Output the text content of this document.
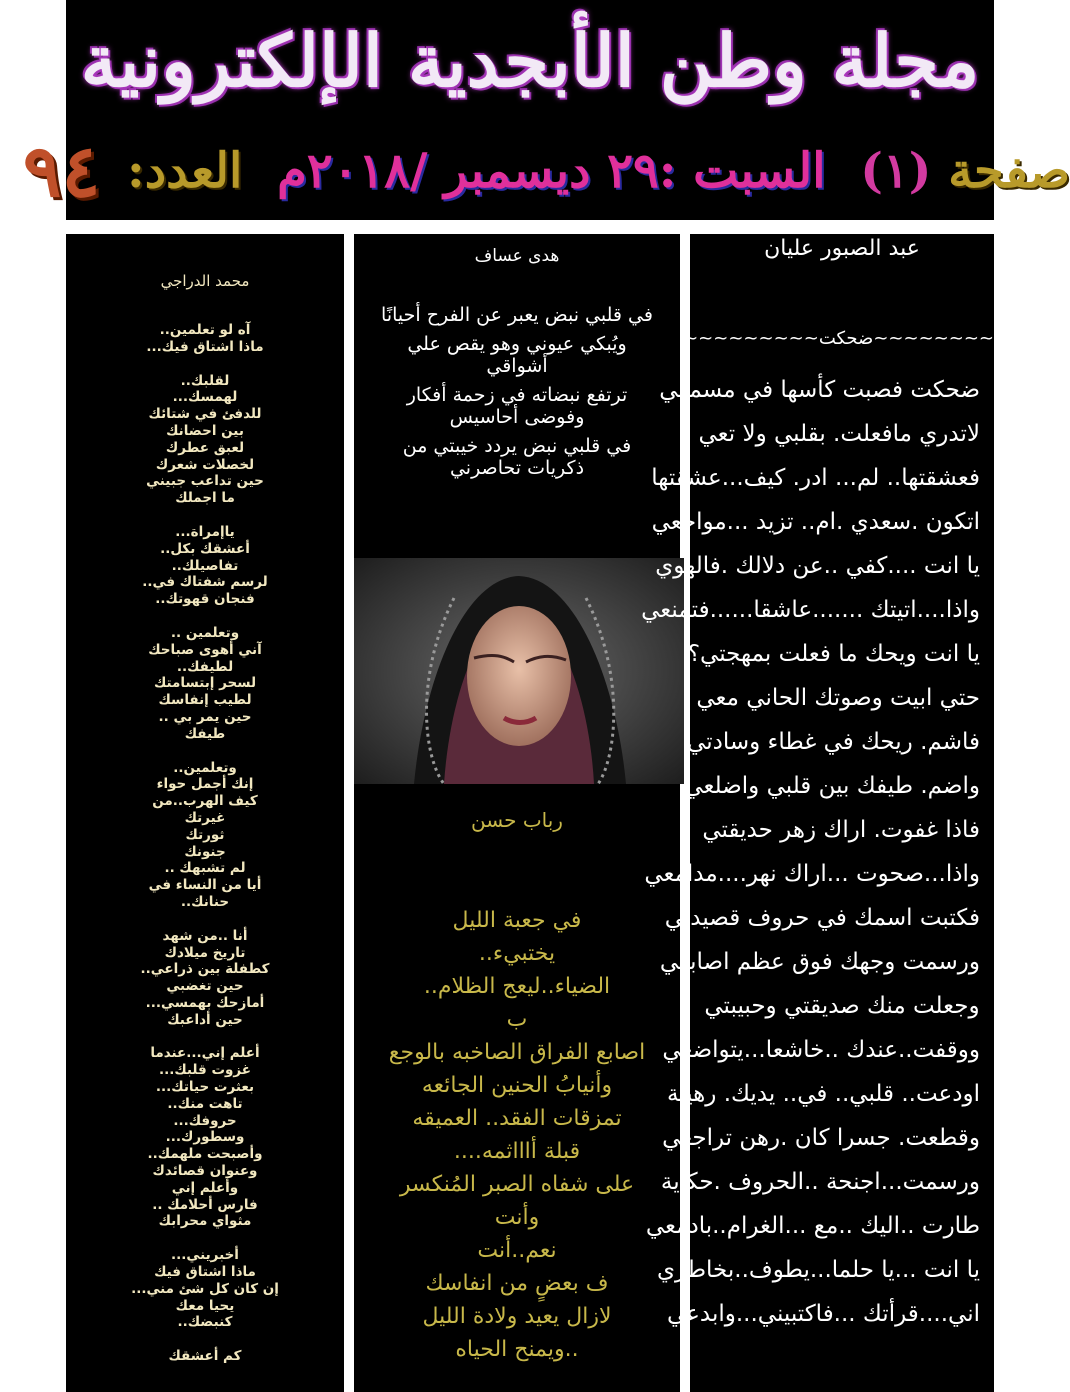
مجلة وطن الأبجدية الإلكترونية
صفحة (١) السبت :٢٩ ديسمبر /٢٠١٨م العدد: ٩٤
محمد الدراجي
آه لو تعلمين..
ماذا اشتاق فيك...
لقلبك..
لهمسك...
للدفئ في شتائك
بين احضانك
لعبق عطرك
لخصلات شعرك
حين تداعب جبيني
ما اجملك
ياإمراة...
أعشقك بكل..
تفاصيلك..
لرسم شفتاك في..
فنجان قهوتك..
وتعلمين ..
آني أهوى صباحك
لطيفك..
لسحر إبتسامتك
لطيب إنفاسك
حين يمر بي ..
طيفك
وتعلمين..
إنك أجمل حواء
كيف الهرب..من
غيرتك
ثورتك
جنونك
لم تشبهك ..
أيا من النساء في
حنانك..
أنا ..من شهد
تاريخ ميلادك
كطفلة بين ذراعي..
حين تغضبي
أمازحك بهمسي...
حين أداعبك
أعلم إني...عندما
غزوت قلبك...
بعثرت حياتك...
تاهت منك..
حروفك...
وسطورك...
وأصبحت ملهمك..
وعنوان قصائدك
وأعلم إني
فارس أحلامك ..
مثواي محرابك
أخبريني...
ماذا اشتاق فيك
إن كان كل شئ مني...
يحيا معك
كنبضك..
كم أعشقك
هدى عساف
في قلبي نبض يعبر عن الفرح أحيانًا
ويُبكي عيوني وهو يقص علي أشواقي
ترتفع نبضاته في زحمة أفكار وفوضى أحاسيس
في قلبي نبض يردد خيبتي من ذكريات تحاصرني
رباب حسن
في جعبة الليل
يختبيء..
الضياء..ليعج الظلام..
ب
اصابع الفراق الصاخبه بالوجع
وأنيابُ الحنين الجائعه
تمزقات الفقد.. العميقه
قبلة أاااثمه....
على شفاه الصبر المُنكسر
وأنت
نعم..أنت
ف بعضٍ من انفاسك
لازال يعيد ولادة الليل
..ويمنح الحياه
عبد الصبور عليان
~~~~~~~~ضحكت~~~~~~~~~
ضحكت فصبت كأسها في مسمعي
لاتدري مافعلت. بقلبي ولا تعي
فعشقتها.. لم... ادر. كيف...عشقتها
اتكون .سعدي .ام.. تزيد ...مواجعي
يا انت ....كفي ..عن دلالك .فالهوي
واذا....اتيتك .......عاشقا......فتمنعي
يا انت ويحك ما فعلت بمهجتي؟
حتي ابيت وصوتك الحاني معي
فاشم. ريحك في غطاء وسادتي
واضم. طيفك بين قلبي واضلعي
فاذا غفوت. اراك زهر حديقتي
واذا...صحوت ...اراك نهر....مدامعي
فكتبت اسمك في حروف قصيدتي
ورسمت وجهك فوق عظم اصابعي
وجعلت منك صديقتي وحبيبتي
ووقفت..عندك ..خاشعا...يتواضعي
اودعت.. قلبي.. في.. يديك. رهينة
وقطعت. جسرا كان .رهن تراجعي
ورسمت...اجنحة ..الحروف .حكاية
طارت ..اليك ..مع ...الغرام..بادمعي
يا انت ...يا حلما...يطوف..بخاطري
اني....قرأتك ...فاكتبيني...وابدعي
